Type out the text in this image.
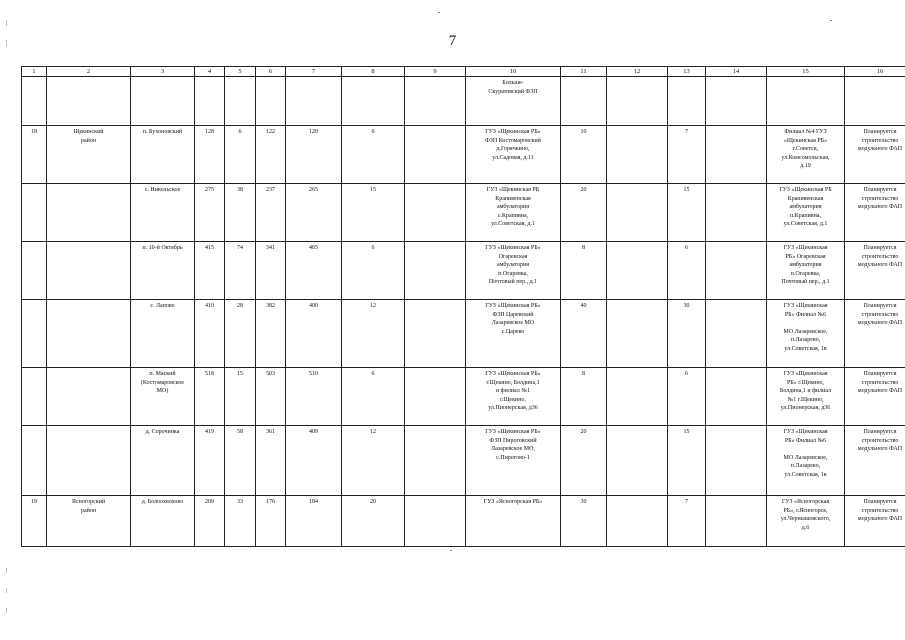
7
1	2	3	4	5	6	7	8	9	10	11	12	13	14	15	16
									Больше-
Скуратовский ФЗП						
18	Щекинский
район	п. Бухоновский	128	6	122	120	6		ГУЗ «Щекинская РБ»
ФЗП Костомаровский
д.Горячкино,
ул.Садовая, д.11	10		7		Филиал №4 ГУЗ
«Щекинская РБ»
г.Советск,
ул.Комсомольская,
д.19	Планируется строительство
модульного ФАП
		с. Никольское	275	38	237	265	15		ГУЗ «Щекинская РБ
Крапивенская
амбулатория
с.Крапивна,
ул.Советская, д.1	20		15		ГУЗ «Щекинская РБ
Крапивенская
амбулатория
п.Крапивна,
ул.Советская, д.1	Планируется строительство
модульного ФАП
		п. 10-й Октябрь	415	74	341	405	6		ГУЗ «Щекинская РБ»
Огаревская
амбулатория
п.Огаревка,
Почтовый пер., д.1	8		6		ГУЗ «Щекинская
РБ» Огаревская
амбулатория
п.Огаревка,
Почтовый пер., д.1	Планируется строительство
модульного ФАП
		с. Лапово	410	28	382	400	12		ГУЗ «Щекинская РБ»
ФЗП Царевский
Лазаревское МО
с.Царево	40		30		ГУЗ «Щекинская
РБ» Филиал №6

МО Лазаревское,
п.Лазарево,
ул.Советская, 1в	Планируется строительство
модульного ФАП
		п. Маский
(Костомаровское
МО)	518	15	503	510	6		ГУЗ «Щекинская РБ»
г.Щекино, Болдина,1
и филиал №1
г.Щекино,
ул.Пионерская, д36	8		6		ГУЗ «Щекинская
РБ» г.Щекино,
Болдина,1 и филиал
№1 г.Щекино,
ул.Пионерская, д36	Планируется строительство
модульного ФАП
		д. Сорочинка	419	58	361	409	12		ГУЗ «Щекинская РБ»
ФЗП Пироговский
Лазаревское МО,
с.Пирогово-1	20		15		ГУЗ «Щекинская
РБ» Филиал №6

МО Лазаревское,
п.Лазарево,
ул.Советская, 1в	Планируется строительство
модульного ФАП
19	Ясногорский
район	д. Болоохвохово	209	33	176	184	20		ГУЗ «Ясногорская РБ»	30		7		ГУЗ «Ясногорская
РБ», г.Ясногорск,
ул.Чернышовского,
д.6	Планируется строительство
модульного ФАП
